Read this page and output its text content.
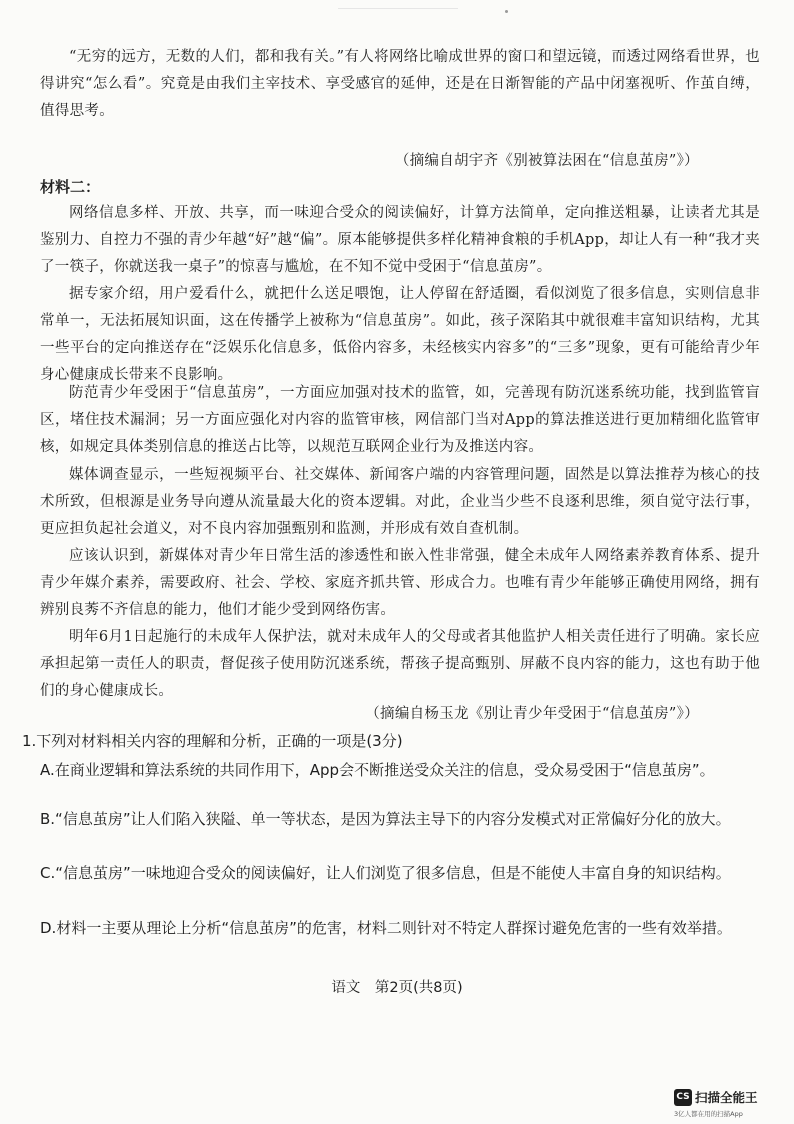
“无穷的远方，无数的人们，都和我有关。”有人将网络比喻成世界的窗口和望远镜，而透过网络看世界，也得讲究“怎么看”。究竟是由我们主宰技术、享受感官的延伸，还是在日渐智能的产品中闭塞视听、作茧自缚，值得思考。

（摘编自胡宇齐《别被算法困在“信息茧房”》）

材料二：

网络信息多样、开放、共享，而一味迎合受众的阅读偏好，计算方法简单，定向推送粗暴，让读者尤其是鉴别力、自控力不强的青少年越“好”越“偏”。原本能够提供多样化精神食粮的手机App，却让人有一种“我才夹了一筷子，你就送我一桌子”的惊喜与尴尬，在不知不觉中受困于“信息茧房”。

据专家介绍，用户爱看什么，就把什么送足喂饱，让人停留在舒适圈，看似浏览了很多信息，实则信息非常单一，无法拓展知识面，这在传播学上被称为“信息茧房”。如此，孩子深陷其中就很难丰富知识结构，尤其一些平台的定向推送存在“泛娱乐化信息多，低俗内容多，未经核实内容多”的“三多”现象，更有可能给青少年身心健康成长带来不良影响。

防范青少年受困于“信息茧房”，一方面应加强对技术的监管，如，完善现有防沉迷系统功能，找到监管盲区，堵住技术漏洞；另一方面应强化对内容的监管审核，网信部门当对App的算法推送进行更加精细化监管审核，如规定具体类别信息的推送占比等，以规范互联网企业行为及推送内容。

媒体调查显示，一些短视频平台、社交媒体、新闻客户端的内容管理问题，固然是以算法推荐为核心的技术所致，但根源是业务导向遵从流量最大化的资本逻辑。对此，企业当少些不良逐利思维，须自觉守法行事，更应担负起社会道义，对不良内容加强甄别和监测，并形成有效自查机制。

应该认识到，新媒体对青少年日常生活的渗透性和嵌入性非常强，健全未成年人网络素养教育体系、提升青少年媒介素养，需要政府、社会、学校、家庭齐抓共管、形成合力。也唯有青少年能够正确使用网络，拥有辨别良莠不齐信息的能力，他们才能少受到网络伤害。

明年6月1日起施行的未成年人保护法，就对未成年人的父母或者其他监护人相关责任进行了明确。家长应承担起第一责任人的职责，督促孩子使用防沉迷系统，帮孩子提高甄别、屏蔽不良内容的能力，这也有助于他们的身心健康成长。

（摘编自杨玉龙《别让青少年受困于“信息茧房”》）

1.下列对材料相关内容的理解和分析，正确的一项是(3分)

A.在商业逻辑和算法系统的共同作用下，App会不断推送受众关注的信息，受众易受困于“信息茧房”。

B.“信息茧房”让人们陷入狭隘、单一等状态，是因为算法主导下的内容分发模式对正常偏好分化的放大。

C.“信息茧房”一味地迎合受众的阅读偏好，让人们浏览了很多信息，但是不能使人丰富自身的知识结构。

D.材料一主要从理论上分析“信息茧房”的危害，材料二则针对不特定人群探讨避免危害的一些有效举措。

语文　第2页(共8页)

CS 扫描全能王
3亿人都在用的扫描App
